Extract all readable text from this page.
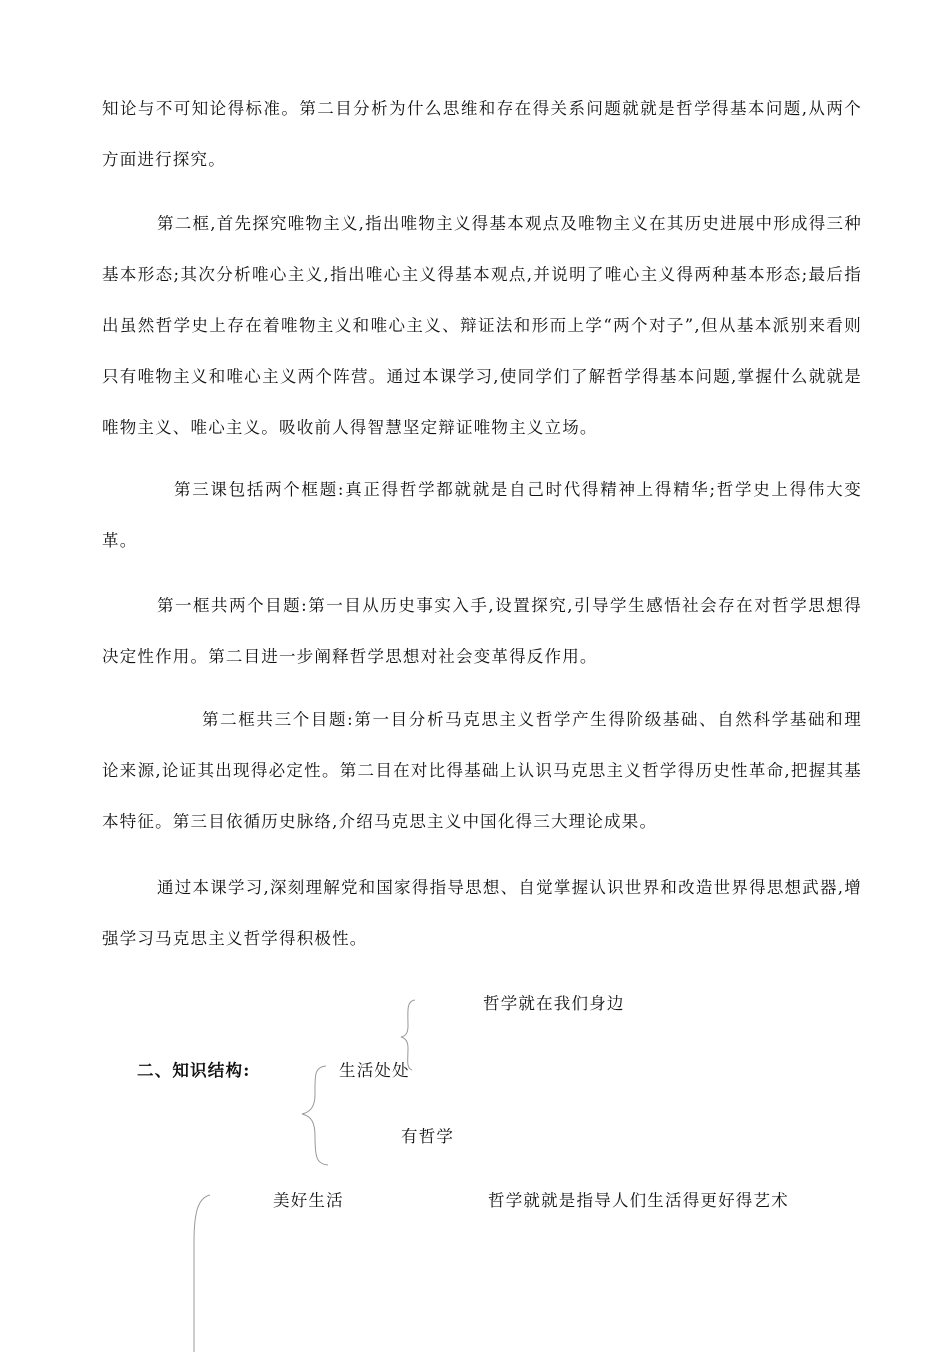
知论与不可知论得标准。第二目分析为什么思维和存在得关系问题就就是哲学得基本问题,从两个方面进行探究。

第二框,首先探究唯物主义,指出唯物主义得基本观点及唯物主义在其历史进展中形成得三种基本形态;其次分析唯心主义,指出唯心主义得基本观点,并说明了唯心主义得两种基本形态;最后指出虽然哲学史上存在着唯物主义和唯心主义、辩证法和形而上学“两个对子”,但从基本派别来看则只有唯物主义和唯心主义两个阵营。通过本课学习,使同学们了解哲学得基本问题,掌握什么就就是唯物主义、唯心主义。吸收前人得智慧坚定辩证唯物主义立场。

第三课包括两个框题:真正得哲学都就就是自己时代得精神上得精华;哲学史上得伟大变革。

第一框共两个目题:第一目从历史事实入手,设置探究,引导学生感悟社会存在对哲学思想得决定性作用。第二目进一步阐释哲学思想对社会变革得反作用。

第二框共三个目题:第一目分析马克思主义哲学产生得阶级基础、自然科学基础和理论来源,论证其出现得必定性。第二目在对比得基础上认识马克思主义哲学得历史性革命,把握其基本特征。第三目依循历史脉络,介绍马克思主义中国化得三大理论成果。

通过本课学习,深刻理解党和国家得指导思想、自觉掌握认识世界和改造世界得思想武器,增强学习马克思主义哲学得积极性。

哲学就在我们身边

二、知识结构:	生活处处

有哲学

美好生活	哲学就就是指导人们生活得更好得艺术
